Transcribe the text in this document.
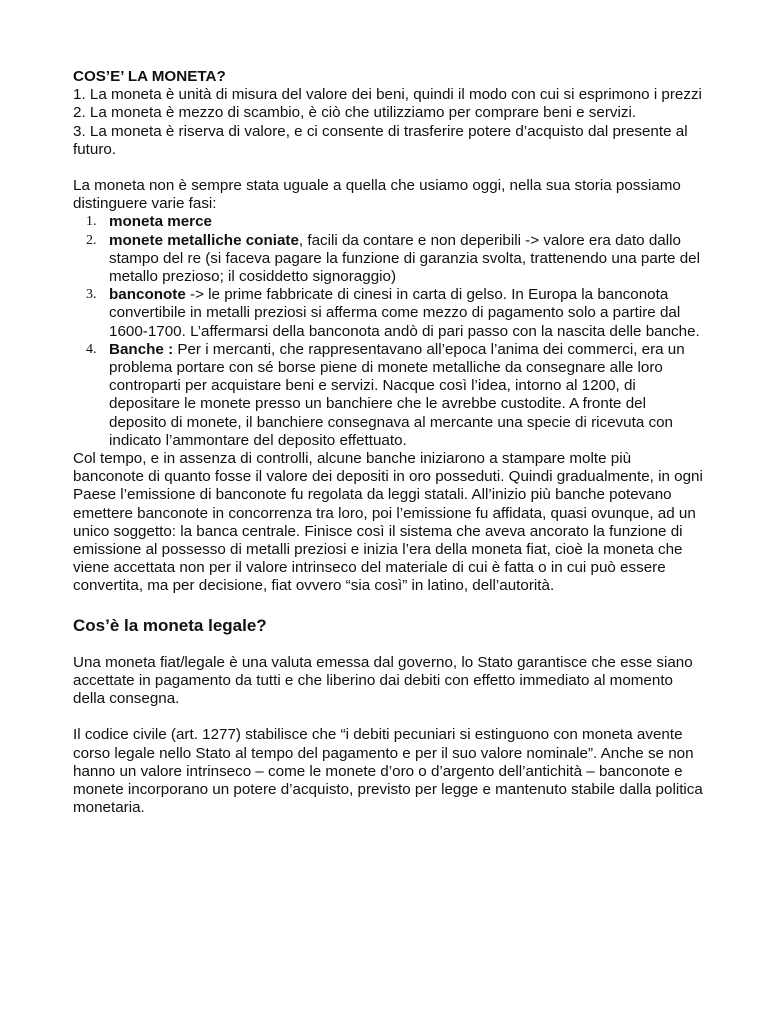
COS’E’ LA MONETA?

1. La moneta è unità di misura del valore dei beni, quindi il modo con cui si esprimono i prezzi

2. La moneta è mezzo di scambio, è ciò che utilizziamo per comprare beni e servizi.

3. La moneta è riserva di valore, e ci consente di trasferire potere d’acquisto dal presente al futuro.

La moneta non è sempre stata uguale a quella che usiamo oggi, nella sua storia possiamo distinguere varie fasi:

1. moneta merce
2. monete metalliche coniate, facili da contare e non deperibili -> valore era dato dallo stampo del re (si faceva pagare la funzione di garanzia svolta, trattenendo una parte del metallo prezioso; il cosiddetto signoraggio)
3. banconote -> le prime fabbricate di cinesi in carta di gelso. In Europa la banconota convertibile in metalli preziosi si afferma come mezzo di pagamento solo a partire dal 1600-1700. L’affermarsi della banconota andò di pari passo con la nascita delle banche.
4. Banche : Per i mercanti, che rappresentavano all’epoca l’anima dei commerci, era un problema portare con sé borse piene di monete metalliche da consegnare alle loro controparti per acquistare beni e servizi. Nacque così l’idea, intorno al 1200, di depositare le monete presso un banchiere che le avrebbe custodite. A fronte del deposito di monete, il banchiere consegnava al mercante una specie di ricevuta con indicato l’ammontare del deposito effettuato.

Col tempo, e in assenza di controlli, alcune banche iniziarono a stampare molte più banconote di quanto fosse il valore dei depositi in oro posseduti. Quindi gradualmente, in ogni Paese l’emissione di banconote fu regolata da leggi statali. All’inizio più banche potevano emettere banconote in concorrenza tra loro, poi l’emissione fu affidata, quasi ovunque, ad un unico soggetto: la banca centrale. Finisce così il sistema che aveva ancorato la funzione di emissione al possesso di metalli preziosi e inizia l’era della moneta fiat, cioè la moneta che viene accettata non per il valore intrinseco del materiale di cui è fatta o in cui può essere convertita, ma per decisione, fiat ovvero “sia così” in latino, dell’autorità.

Cos’è la moneta legale?

Una moneta fiat/legale è una valuta emessa dal governo, lo Stato garantisce che esse siano accettate in pagamento da tutti e che liberino dai debiti con effetto immediato al momento della consegna.

Il codice civile (art. 1277) stabilisce che “i debiti pecuniari si estinguono con moneta avente corso legale nello Stato al tempo del pagamento e per il suo valore nominale”. Anche se non hanno un valore intrinseco – come le monete d’oro o d’argento dell’antichità – banconote e monete incorporano un potere d’acquisto, previsto per legge e mantenuto stabile dalla politica monetaria.
